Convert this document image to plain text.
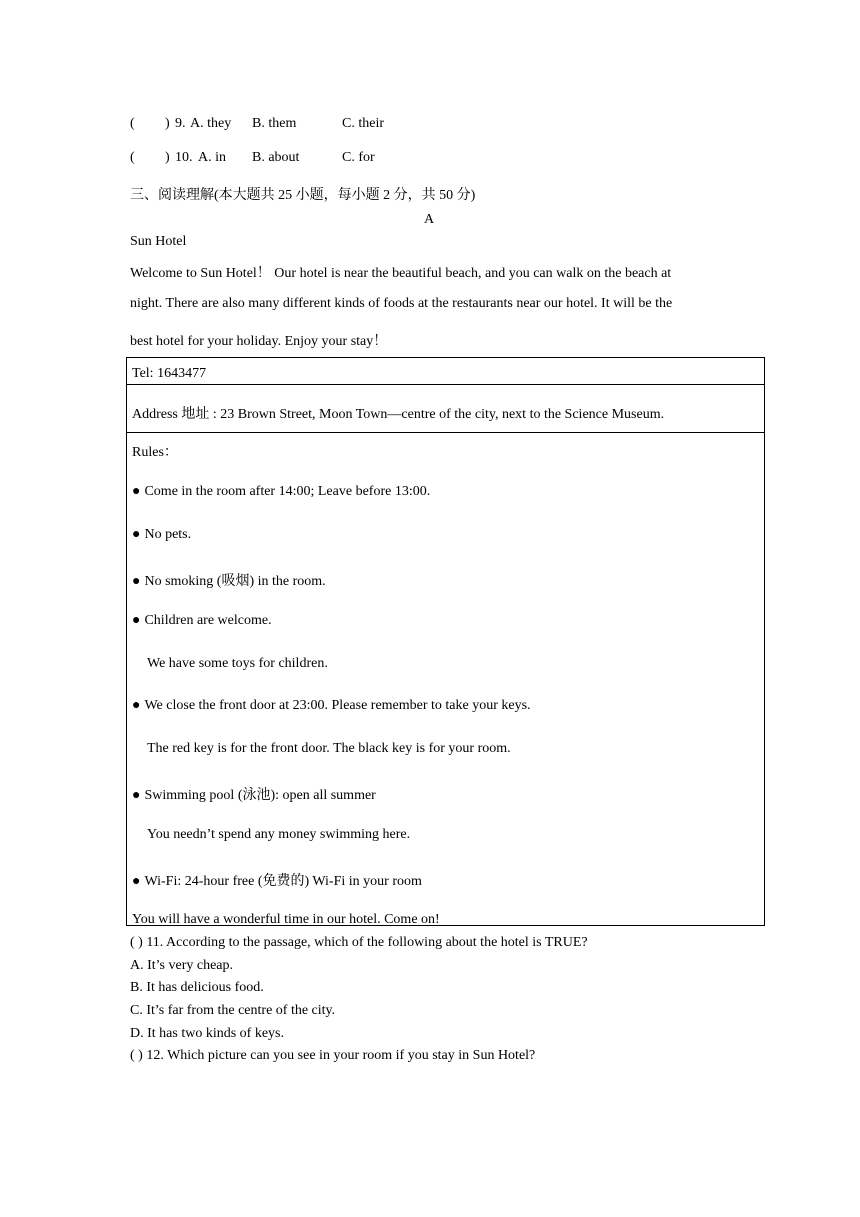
( ) 9. A. they B. them	C. their
( ) 10. A. in B. about	C. for
三、阅读理解(本大题共 25 小题，每小题 2 分，共 50 分)
A
Sun Hotel
Welcome to Sun Hotel！ Our hotel is near the beautiful beach, and you can walk on the beach at
night. There are also many different kinds of foods at the restaurants near our hotel. It will be the
best hotel for your holiday. Enjoy your stay！
Tel: 1643477
Address 地址 : 23 Brown Street, Moon Town—centre of the city, next to the Science Museum.
Rules：
● Come in the room after 14:00; Leave before 13:00.
● No pets.
● No smoking (吸烟) in the room.
● Children are welcome.
We have some toys for children.
● We close the front door at 23:00. Please remember to take your keys.
The red key is for the front door. The black key is for your room.
● Swimming pool (泳池): open all summer
You needn’t spend any money swimming here.
● Wi-Fi: 24-hour free (免费的) Wi-Fi in your room
You will have a wonderful time in our hotel. Come on!
( ) 11. According to the passage, which of the following about the hotel is TRUE?
A. It’s very cheap.
B. It has delicious food.
C. It’s far from the centre of the city.
D. It has two kinds of keys.
( ) 12. Which picture can you see in your room if you stay in Sun Hotel?
